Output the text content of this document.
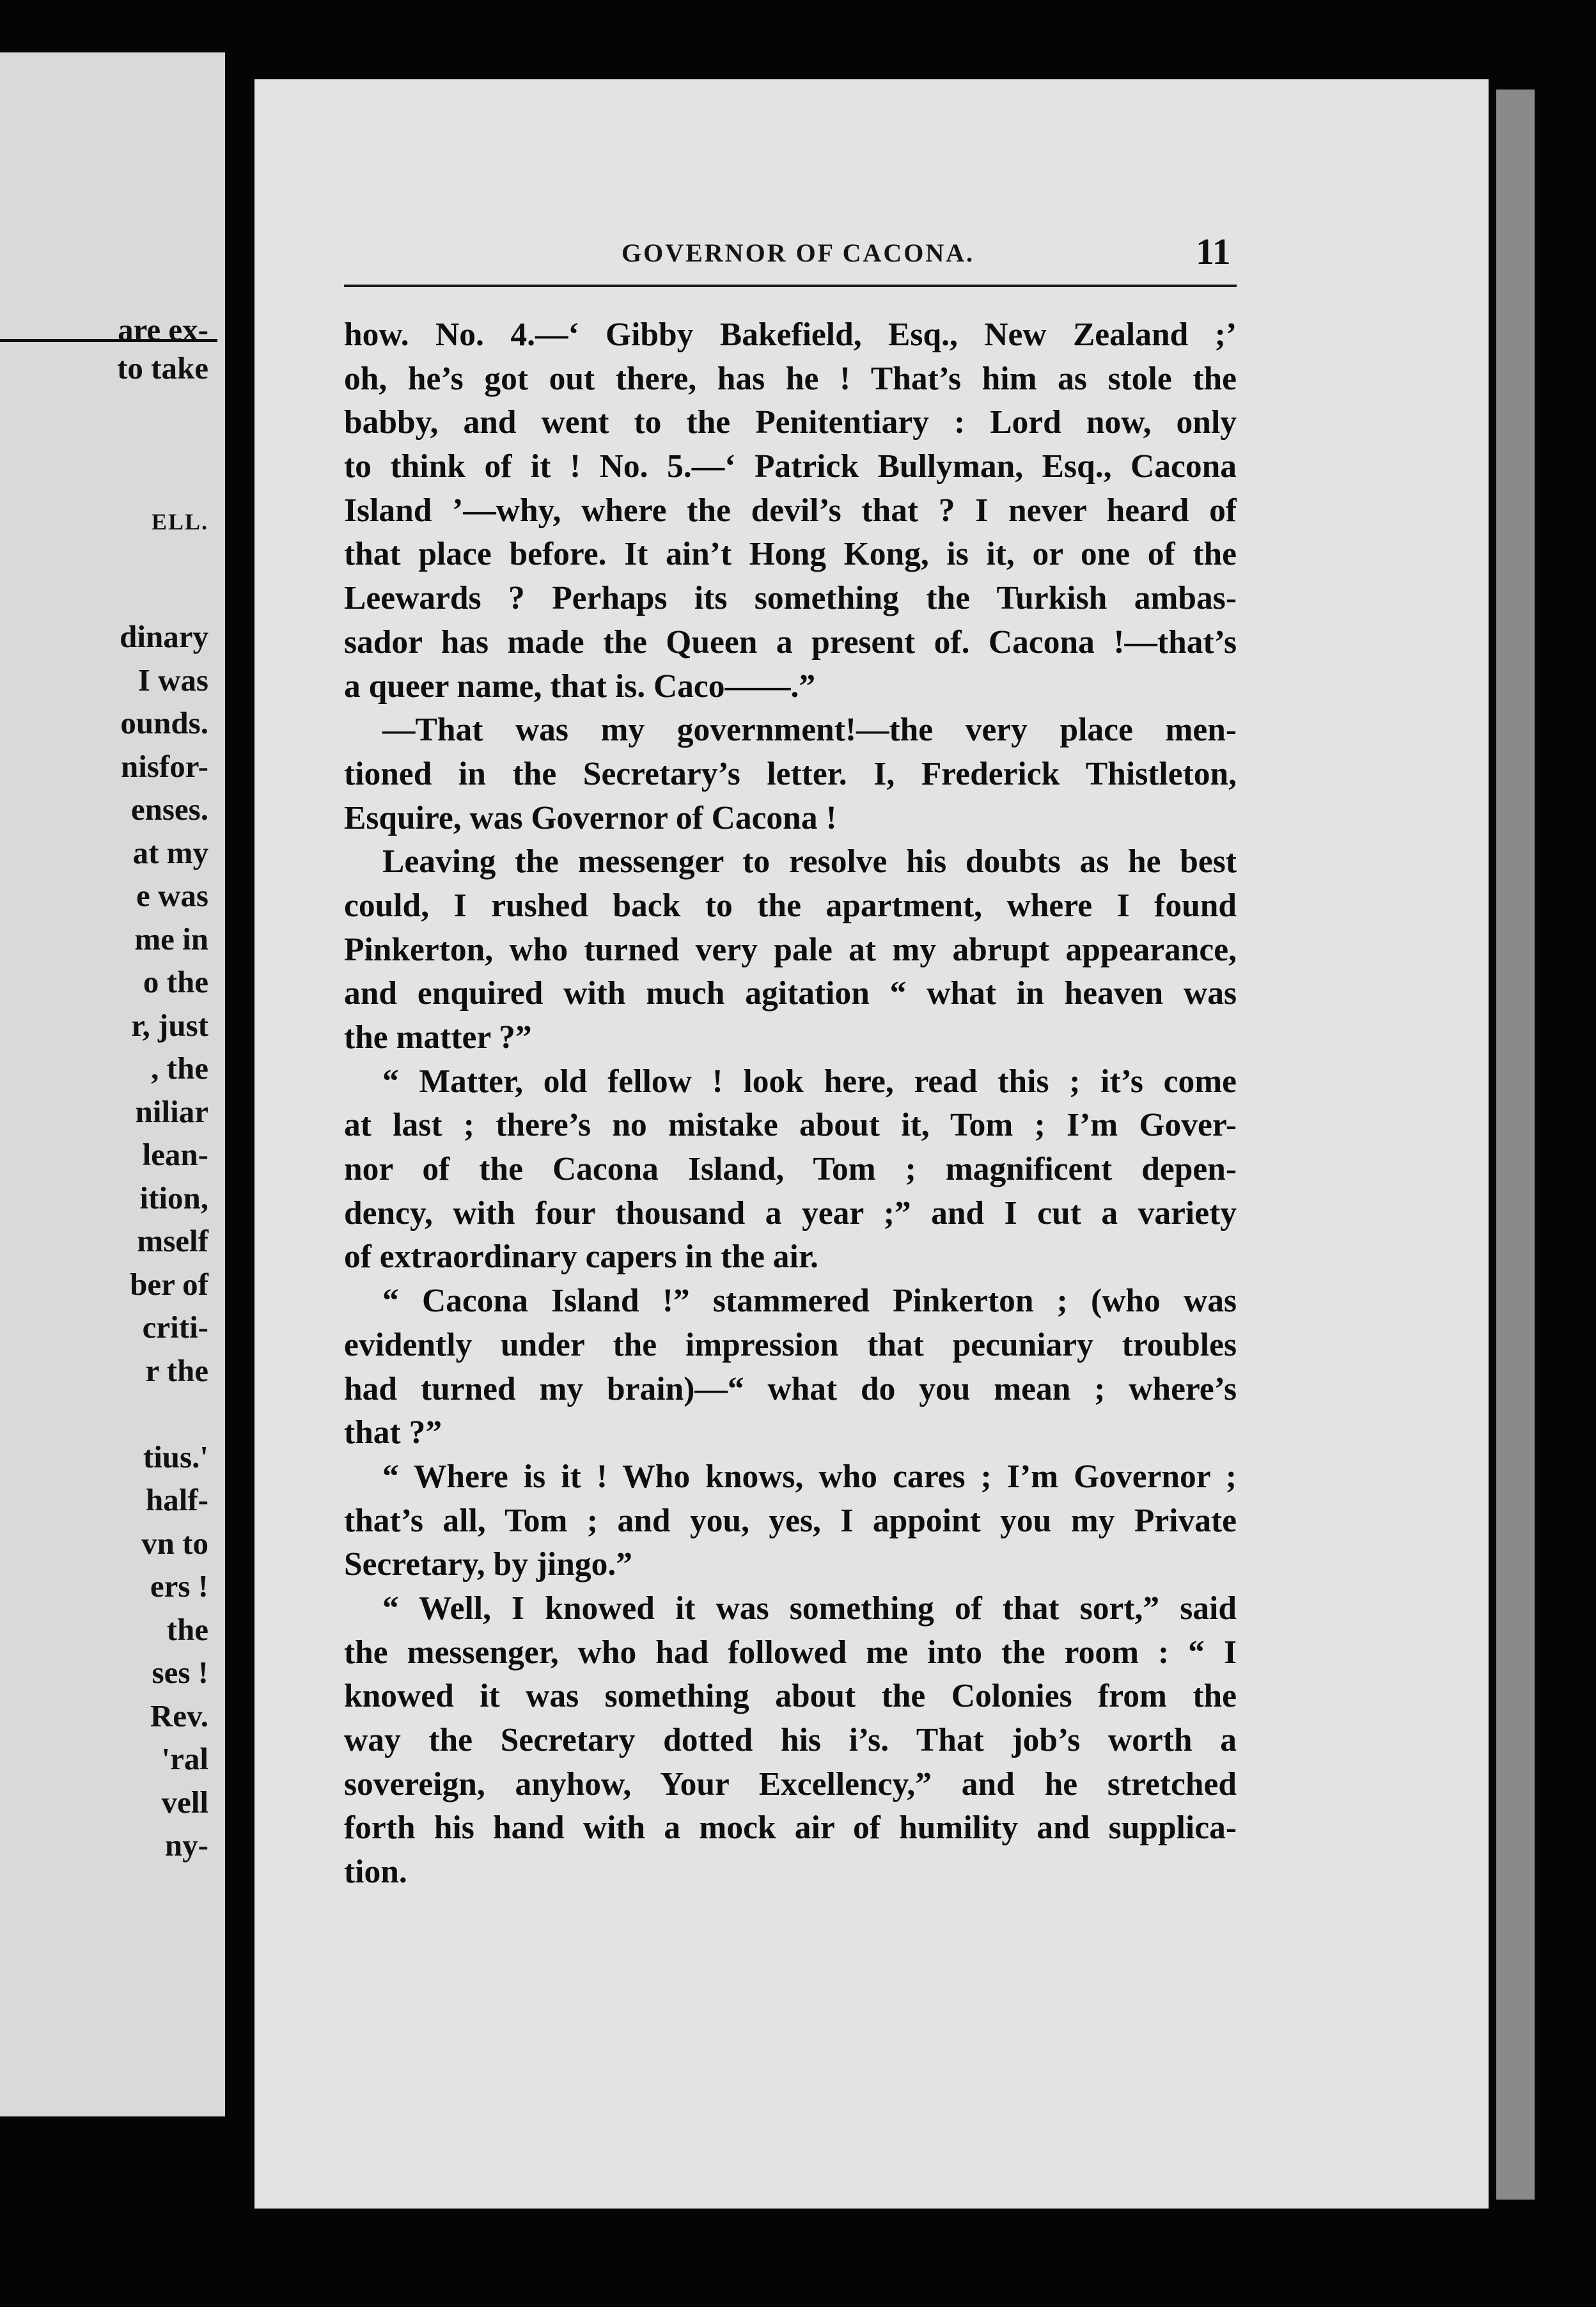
are ex-
to take
ELL.
dinary
I was
ounds.
nisfor-
enses.
at my
e was
me in
o the
r, just
, the
niliar
lean-
ition,
mself
ber of
criti-
r the
tius.'
half-
vn to
ers !
the
ses !
Rev.
'ral
vell
ny-
GOVERNOR OF CACONA.	11
how. No. 4.—‘ Gibby Bakefield, Esq., New Zealand ;’
oh, he’s got out there, has he ! That’s him as stole the
babby, and went to the Penitentiary : Lord now, only
to think of it ! No. 5.—‘ Patrick Bullyman, Esq., Cacona
Island ’—why, where the devil’s that ? I never heard of
that place before. It ain’t Hong Kong, is it, or one of the
Leewards ? Perhaps its something the Turkish ambas-
sador has made the Queen a present of. Cacona !—that’s
a queer name, that is. Caco——.”
—That was my government!—the very place men-
tioned in the Secretary’s letter. I, Frederick Thistleton,
Esquire, was Governor of Cacona !
Leaving the messenger to resolve his doubts as he best
could, I rushed back to the apartment, where I found
Pinkerton, who turned very pale at my abrupt appearance,
and enquired with much agitation “ what in heaven was
the matter ?”
“ Matter, old fellow ! look here, read this ; it’s come
at last ; there’s no mistake about it, Tom ; I’m Gover-
nor of the Cacona Island, Tom ; magnificent depen-
dency, with four thousand a year ;” and I cut a variety
of extraordinary capers in the air.
“ Cacona Island !” stammered Pinkerton ; (who was
evidently under the impression that pecuniary troubles
had turned my brain)—“ what do you mean ; where’s
that ?”
“ Where is it ! Who knows, who cares ; I’m Governor ;
that’s all, Tom ; and you, yes, I appoint you my Private
Secretary, by jingo.”
“ Well, I knowed it was something of that sort,” said
the messenger, who had followed me into the room : “ I
knowed it was something about the Colonies from the
way the Secretary dotted his i’s. That job’s worth a
sovereign, anyhow, Your Excellency,” and he stretched
forth his hand with a mock air of humility and supplica-
tion.
